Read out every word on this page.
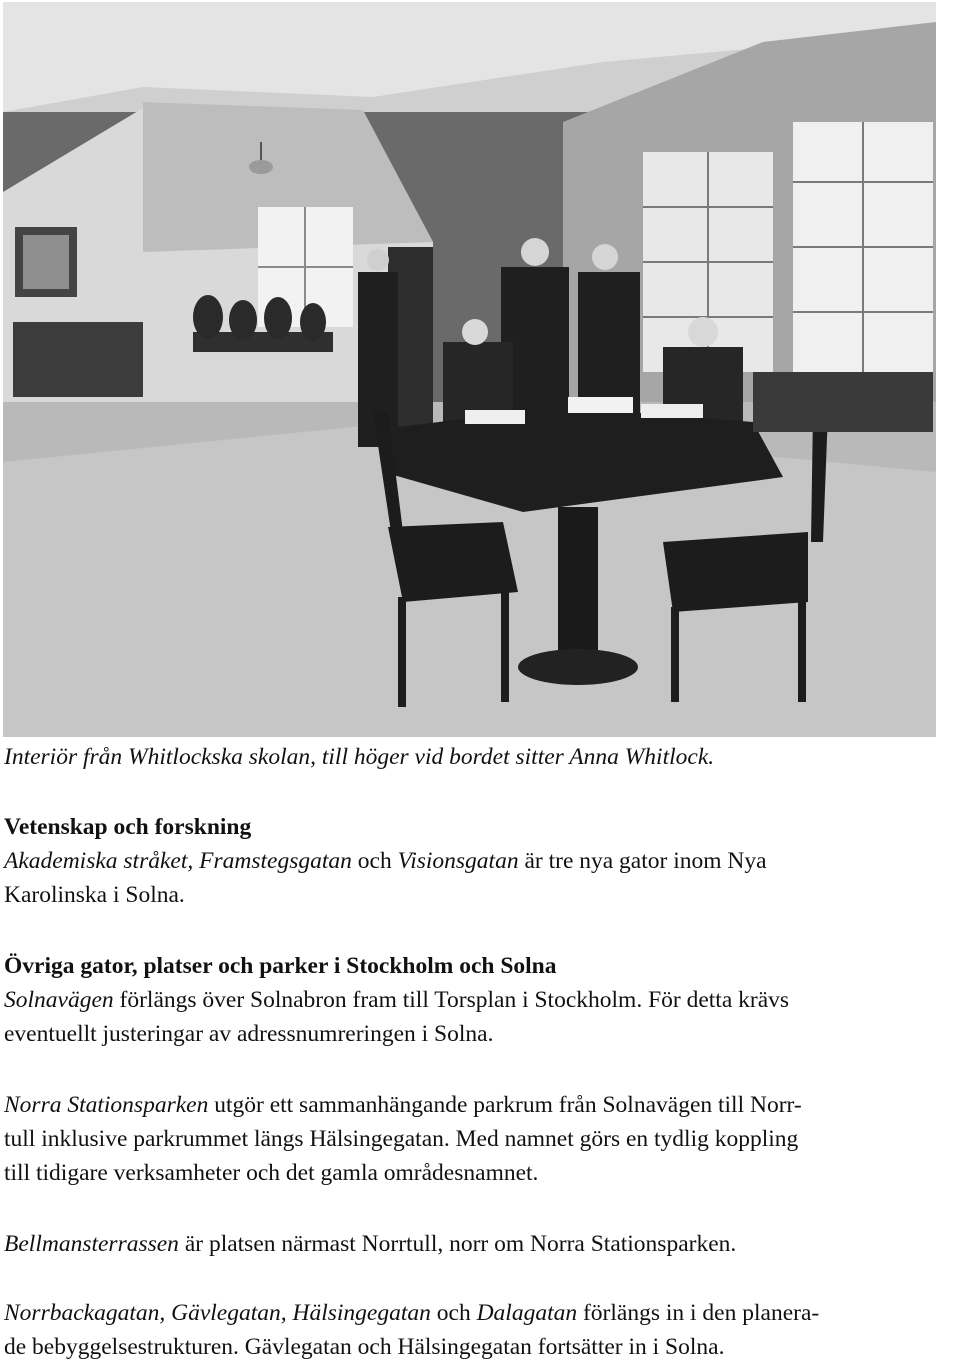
Interiör från Whitlockska skolan, till höger vid bordet sitter Anna Whitlock.
Vetenskap och forskning
Akademiska stråket, Framstegsgatan och Visionsgatan är tre nya gator inom Nya
Karolinska i Solna.
Övriga gator, platser och parker i Stockholm och Solna
Solnavägen förlängs över Solnabron fram till Torsplan i Stockholm. För detta krävs
eventuellt justeringar av adressnumreringen i Solna.
Norra Stationsparken utgör ett sammanhängande parkrum från Solnavägen till Norr-
tull inklusive parkrummet längs Hälsingegatan. Med namnet görs en tydlig koppling
till tidigare verksamheter och det gamla områdesnamnet.
Bellmansterrassen är platsen närmast Norrtull, norr om Norra Stationsparken.
Norrbackagatan, Gävlegatan, Hälsingegatan och Dalagatan förlängs in i den planera-
de bebyggelsestrukturen. Gävlegatan och Hälsingegatan fortsätter in i Solna.
